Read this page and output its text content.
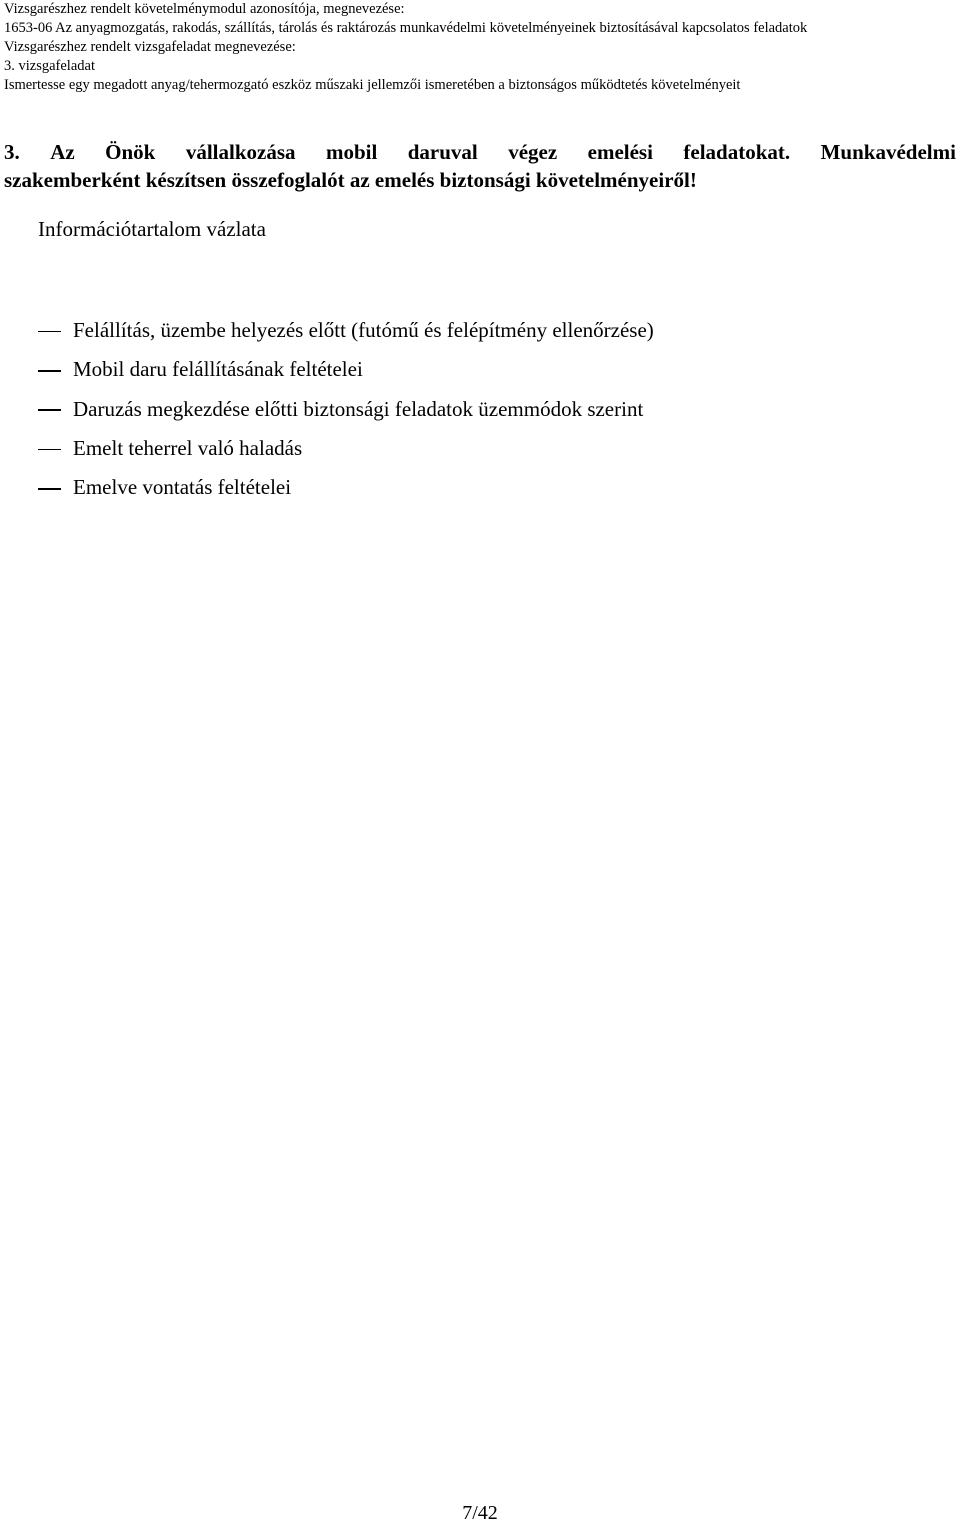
Vizsgarészhez rendelt követelménymodul azonosítója, megnevezése:
1653-06 Az anyagmozgatás, rakodás, szállítás, tárolás és raktározás munkavédelmi követelményeinek biztosításával kapcsolatos feladatok
Vizsgarészhez rendelt vizsgafeladat megnevezése:
3. vizsgafeladat
Ismertesse egy megadott anyag/tehermozgató eszköz műszaki jellemzői ismeretében a biztonságos működtetés követelményeit
3. Az Önök vállalkozása mobil daruval végez emelési feladatokat. Munkavédelmi
szakemberként készítsen összefoglalót az emelés biztonsági követelményeiről!
Információtartalom vázlata
Felállítás, üzembe helyezés előtt (futómű és felépítmény ellenőrzése)
Mobil daru felállításának feltételei
Daruzás megkezdése előtti biztonsági feladatok üzemmódok szerint
Emelt teherrel való haladás
Emelve vontatás feltételei
7/42
